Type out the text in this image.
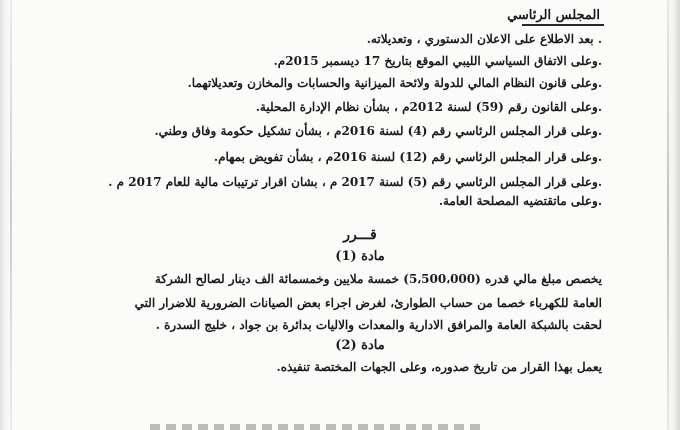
المجلس الرئاسي
. بعد الاطلاع على الاعلان الدستوري ، وتعديلاته.
.وعلى الاتفاق السياسي الليبي الموقع بتاريخ 17 ديسمبر 2015م.
.وعلى قانون النظام المالي للدولة ولائحة الميزانية والحسابات والمخازن وتعديلاتهما.
.وعلى القانون رقم (59) لسنة 2012م ، بشأن نظام الإدارة المحلية.
.وعلى قرار المجلس الرئاسي رقم (4) لسنة 2016م ، بشأن تشكيل حكومة وفاق وطني.
.وعلى قرار المجلس الرئاسي رقم (12) لسنة 2016م ، بشأن تفويض بمهام.
.وعلى قرار المجلس الرئاسي رقم (5) لسنة 2017 م ، بشان اقرار ترتيبات مالية للعام 2017 م .
.وعلى ماتقتضيه المصلحة العامة.
قـــرر
مادة (1)
يخصص مبلغ مالي قدره (5،500،000) خمسة ملايين وخمسمائة الف دينار لصالح الشركة
العامة للكهرباء خصما من حساب الطوارئ، لغرض اجراء بعض الصيانات الضرورية للاضرار التي
لحقت بالشبكة العامة والمرافق الادارية والمعدات والاليات بدائرة بن جواد ، خليج السدرة .
مادة (2)
يعمل بهذا القرار من تاريخ صدوره، وعلى الجهات المختصة تنفيذه.
